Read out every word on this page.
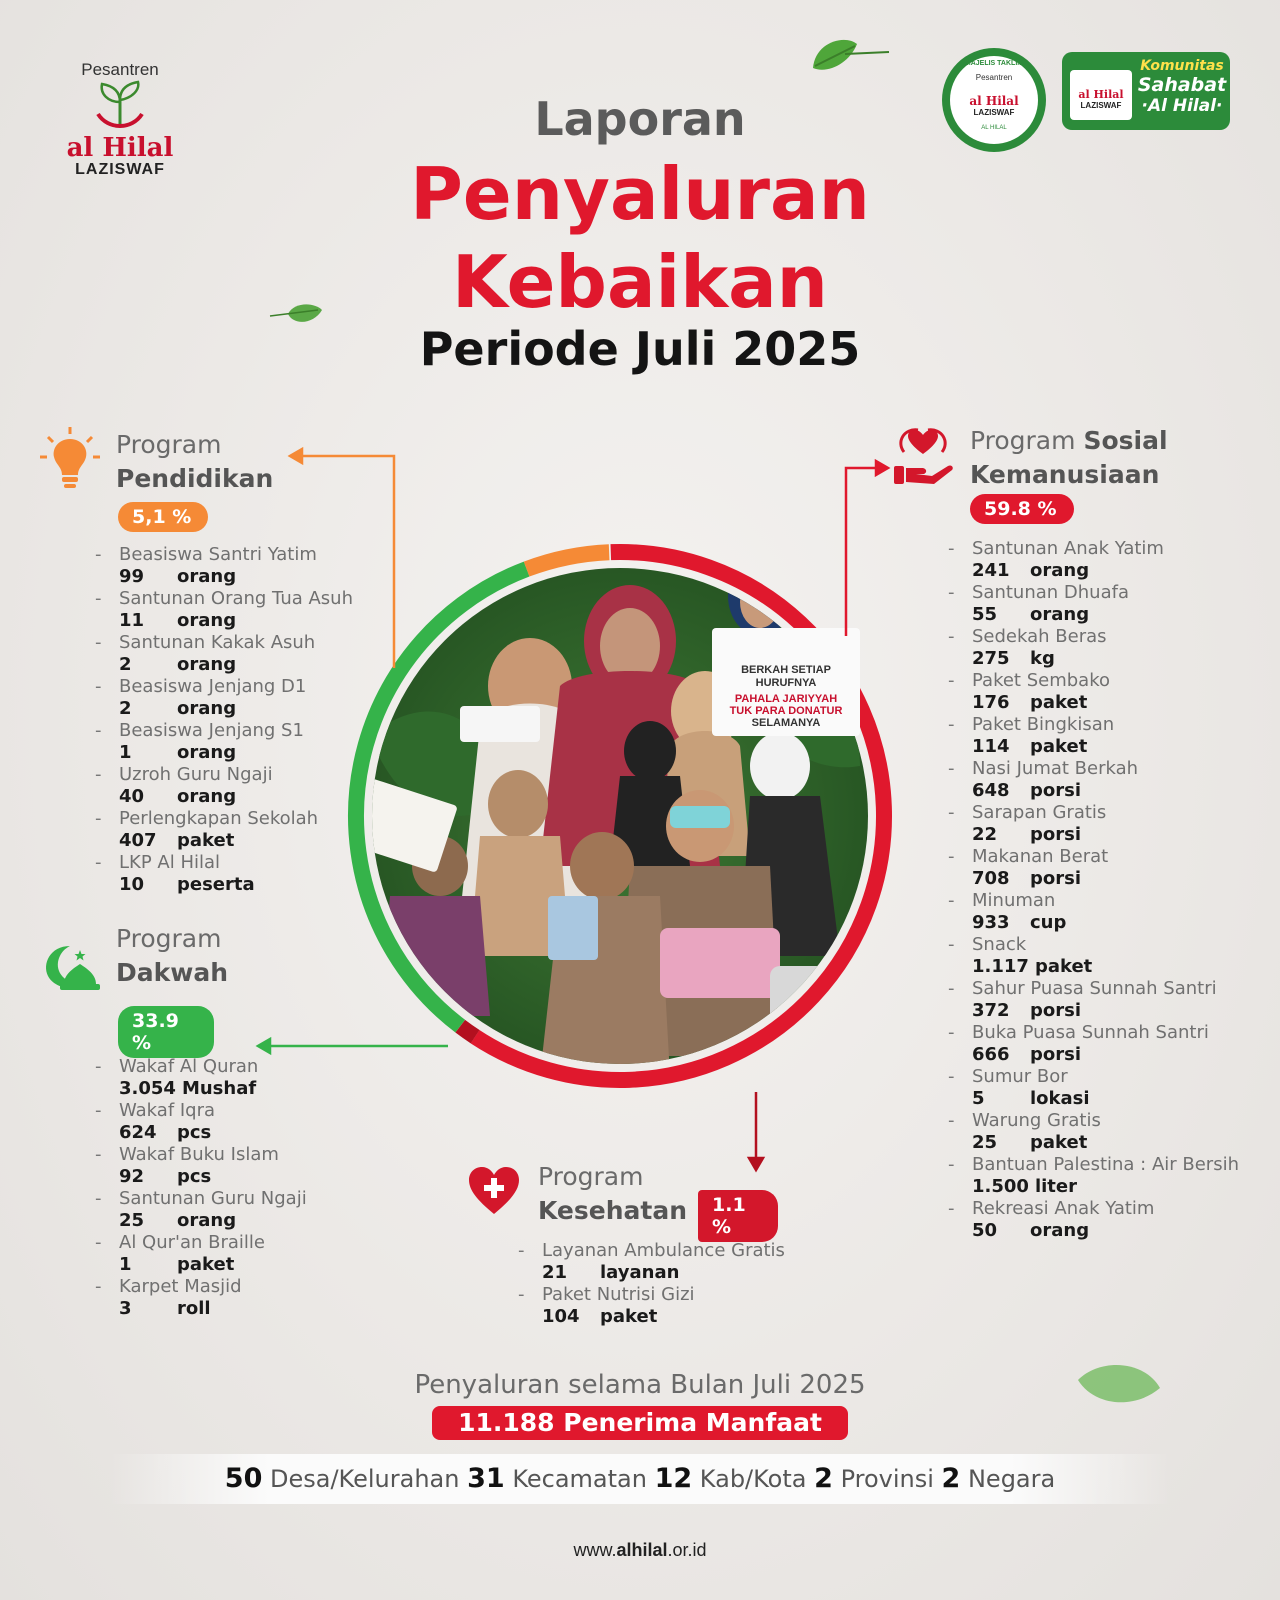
Pesantren
al Hilal
LAZISWAF
MAJELIS TAKLIM
Pesantren
al Hilal
LAZISWAF
AL HILAL
al Hilal
LAZISWAF
Komunitas
Sahabat
·Al Hilal·
Laporan
Penyaluran
Kebaikan
Periode Juli 2025
BERKAH SETIAP
HURUFNYA
PAHALA JARIYYAH
TUK PARA DONATUR
SELAMANYA
Program
Pendidikan
5,1 %
- Beasiswa Santri Yatim
99 orang
- Santunan Orang Tua Asuh
11 orang
- Santunan Kakak Asuh
2	orang
- Beasiswa Jenjang D1
2	orang
- Beasiswa Jenjang S1
1	orang
- Uzroh Guru Ngaji
40 orang
- Perlengkapan Sekolah
407 paket
- LKP Al Hilal
10 peserta
Program
Dakwah
33.9 %
- Wakaf Al Quran
3.054 Mushaf
- Wakaf Iqra
624 pcs
- Wakaf Buku Islam
92 pcs
- Santunan Guru Ngaji
25 orang
- Al Qur'an Braille
1	paket
- Karpet Masjid
3	roll
Program
Kesehatan	1.1 %
- Layanan Ambulance Gratis
21 layanan
- Paket Nutrisi Gizi
104 paket
Program Sosial
Kemanusiaan
59.8 %
- Santunan Anak Yatim
241 orang
- Santunan Dhuafa
55 orang
- Sedekah Beras
275 kg
- Paket Sembako
176 paket
- Paket Bingkisan
114 paket
- Nasi Jumat Berkah
648 porsi
- Sarapan Gratis
22 porsi
- Makanan Berat
708 porsi
- Minuman
933 cup
- Snack
1.117 paket
- Sahur Puasa Sunnah Santri
372 porsi
- Buka Puasa Sunnah Santri
666 porsi
- Sumur Bor
5	lokasi
- Warung Gratis
25 paket
- Bantuan Palestina : Air Bersih
1.500 liter
- Rekreasi Anak Yatim
50 orang
Penyaluran selama Bulan Juli 2025
11.188 Penerima Manfaat
50 Desa/Kelurahan 31 Kecamatan 12 Kab/Kota 2 Provinsi 2 Negara
www.alhilal.or.id
